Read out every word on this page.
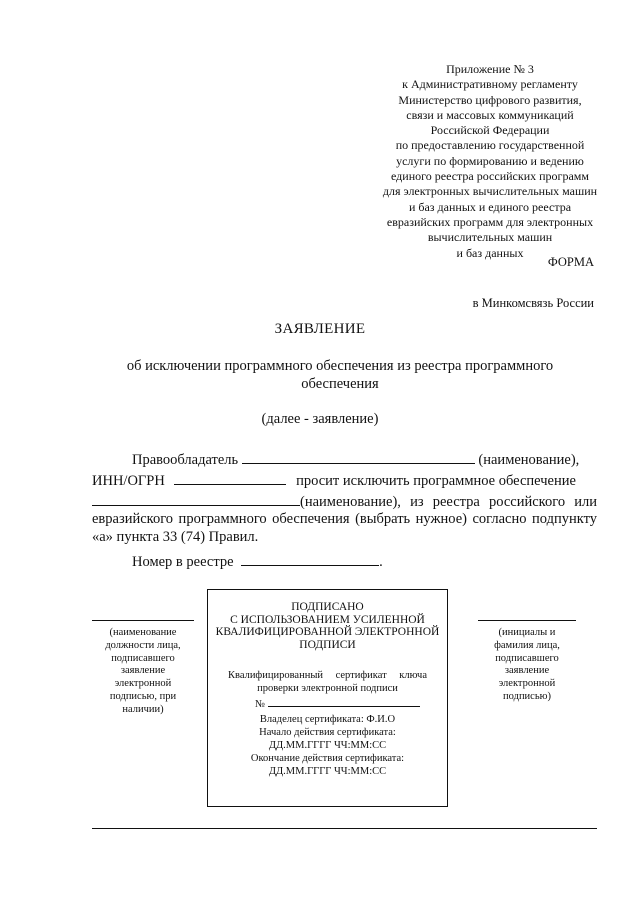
Приложение № 3
к Административному регламенту
Министерство цифрового развития,
связи и массовых коммуникаций
Российской Федерации
по предоставлению государственной
услуги по формированию и ведению
единого реестра российских программ
для электронных вычислительных машин
и баз данных и единого реестра
евразийских программ для электронных
вычислительных машин
и баз данных
ФОРМА
в Минкомсвязь России
ЗАЯВЛЕНИЕ
об исключении программного обеспечения из реестра программного обеспечения
(далее - заявление)

Правообладатель	(наименование),

ИНН/ОГРН	просит исключить программное обеспечение

(наименование), из реестра российского или евразийского программного обеспечения (выбрать нужное) согласно подпункту «а» пункта 33 (74) Правил.

Номер в реестре	.
(наименование должности лица, подписавшего заявление электронной подписью, при наличии)
ПОДПИСАНО
С ИСПОЛЬЗОВАНИЕМ УСИЛЕННОЙ
КВАЛИФИЦИРОВАННОЙ ЭЛЕКТРОННОЙ
ПОДПИСИ
Квалифицированный сертификат ключа проверки электронной подписи
№
Владелец сертификата: Ф.И.О
Начало действия сертификата:
ДД.ММ.ГГГГ ЧЧ:ММ:СС
Окончание действия сертификата:
ДД.ММ.ГГГГ ЧЧ:ММ:СС
(инициалы и фамилия лица, подписавшего заявление электронной подписью)
